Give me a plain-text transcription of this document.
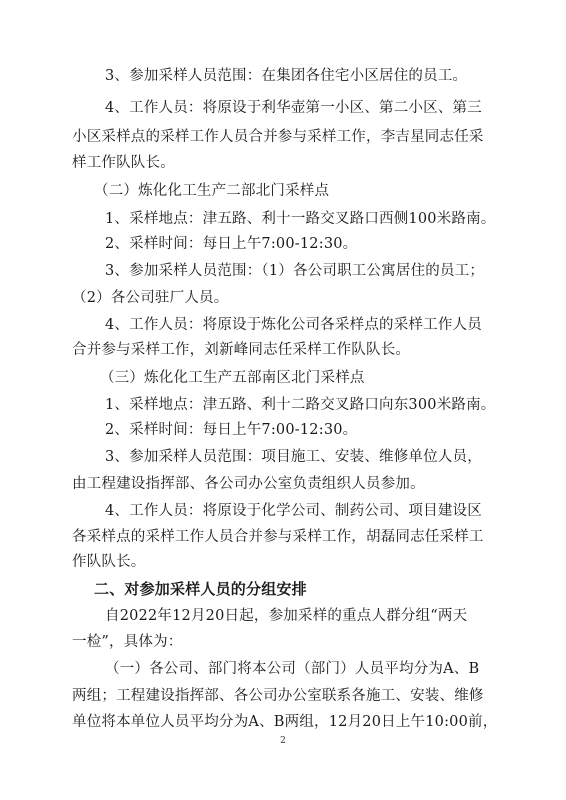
3、参加采样人员范围：在集团各住宅小区居住的员工。
4、工作人员：将原设于利华壶第一小区、第二小区、第三
小区采样点的采样工作人员合并参与采样工作，李吉星同志任采
样工作队队长。
（二）炼化化工生产二部北门采样点
1、采样地点：津五路、利十一路交叉路口西侧100米路南。
2、采样时间：每日上午7:00-12:30。
3、参加采样人员范围：（1）各公司职工公寓居住的员工；
（2）各公司驻厂人员。
4、工作人员：将原设于炼化公司各采样点的采样工作人员
合并参与采样工作，刘新峰同志任采样工作队队长。
（三）炼化化工生产五部南区北门采样点
1、采样地点：津五路、利十二路交叉路口向东300米路南。
2、采样时间：每日上午7:00-12:30。
3、参加采样人员范围：项目施工、安装、维修单位人员，
由工程建设指挥部、各公司办公室负责组织人员参加。
4、工作人员：将原设于化学公司、制药公司、项目建设区
各采样点的采样工作人员合并参与采样工作，胡磊同志任采样工
作队队长。
二、对参加采样人员的分组安排
自2022年12月20日起，参加采样的重点人群分组“两天
一检”，具体为：
（一）各公司、部门将本公司（部门）人员平均分为A、B
两组；工程建设指挥部、各公司办公室联系各施工、安装、维修
单位将本单位人员平均分为A、B两组，12月20日上午10:00前，
2
